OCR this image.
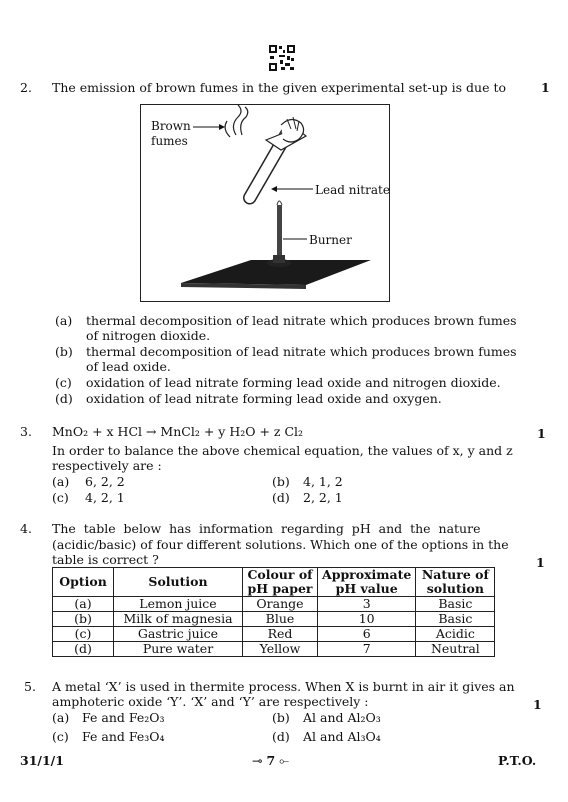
2. The emission of brown fumes in the given experimental set-up is due to	1
Brown
fumes
Lead nitrate
Burner
(a) thermal decomposition of lead nitrate which produces brown fumes
of nitrogen dioxide.
(b) thermal decomposition of lead nitrate which produces brown fumes
of lead oxide.
(c) oxidation of lead nitrate forming lead oxide and nitrogen dioxide.
(d) oxidation of lead nitrate forming lead oxide and oxygen.
3. MnO₂ + x HCl → MnCl₂ + y H₂O + z Cl₂	1
In order to balance the above chemical equation, the values of x, y and z
respectively are :
(a) 6, 2, 2	(b) 4, 1, 2
(c) 4, 2, 1	(d) 2, 2, 1
4. The  table  below  has  information  regarding  pH  and  the  nature
(acidic/basic) of four different solutions. Which one of the options in the
table is correct ?	1
Option	Solution	Colour of pH paper	Approximate pH value	Nature of solution
(a)	Lemon juice	Orange	3	Basic
(b)	Milk of magnesia	Blue	10	Basic
(c)	Gastric juice	Red	6	Acidic
(d)	Pure water	Yellow	7	Neutral
5. A metal ‘X’ is used in thermite process. When X is burnt in air it gives an
amphoteric oxide ‘Y’. ‘X’ and ‘Y’ are respectively :	1
(a) Fe and Fe₂O₃	(b) Al and Al₂O₃
(c) Fe and Fe₃O₄	(d) Al and Al₃O₄
31/1/1	⊸ 7 ⟜	P.T.O.
